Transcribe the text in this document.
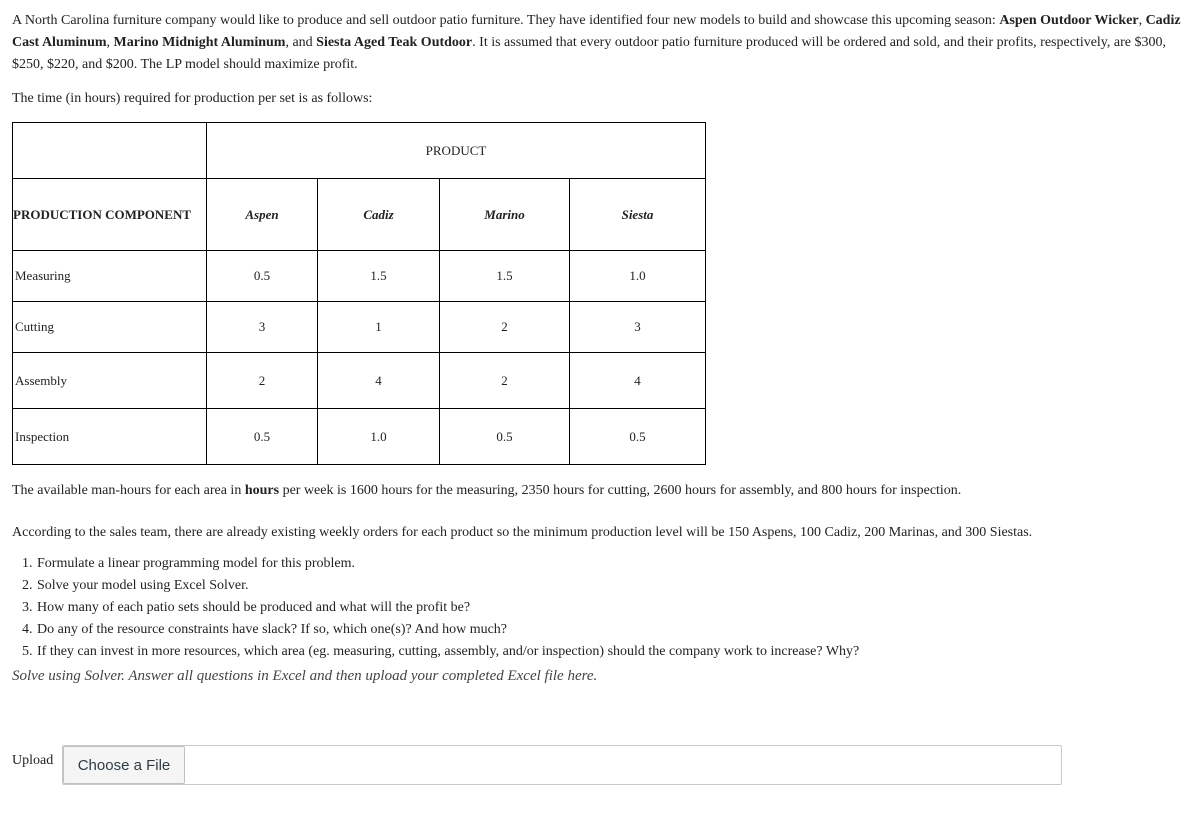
A North Carolina furniture company would like to produce and sell outdoor patio furniture. They have identified four new models to build and showcase this upcoming season: Aspen Outdoor Wicker, Cadiz Cast Aluminum, Marino Midnight Aluminum, and Siesta Aged Teak Outdoor. It is assumed that every outdoor patio furniture produced will be ordered and sold, and their profits, respectively, are $300, $250, $220, and $200. The LP model should maximize profit.

The time (in hours) required for production per set is as follows:

	PRODUCT			
PRODUCTION COMPONENT	Aspen	Cadiz	Marino	Siesta
Measuring	0.5	1.5	1.5	1.0
Cutting	3	1	2	3
Assembly	2	4	2	4
Inspection	0.5	1.0	0.5	0.5

The available man-hours for each area in hours per week is 1600 hours for the measuring, 2350 hours for cutting, 2600 hours for assembly, and 800 hours for inspection.

According to the sales team, there are already existing weekly orders for each product so the minimum production level will be 150 Aspens, 100 Cadiz, 200 Marinas, and 300 Siestas.

1. Formulate a linear programming model for this problem.
2. Solve your model using Excel Solver.
3. How many of each patio sets should be produced and what will the profit be?
4. Do any of the resource constraints have slack? If so, which one(s)? And how much?
5. If they can invest in more resources, which area (eg. measuring, cutting, assembly, and/or inspection) should the company work to increase? Why?

Solve using Solver. Answer all questions in Excel and then upload your completed Excel file here.

Upload	Choose a File
